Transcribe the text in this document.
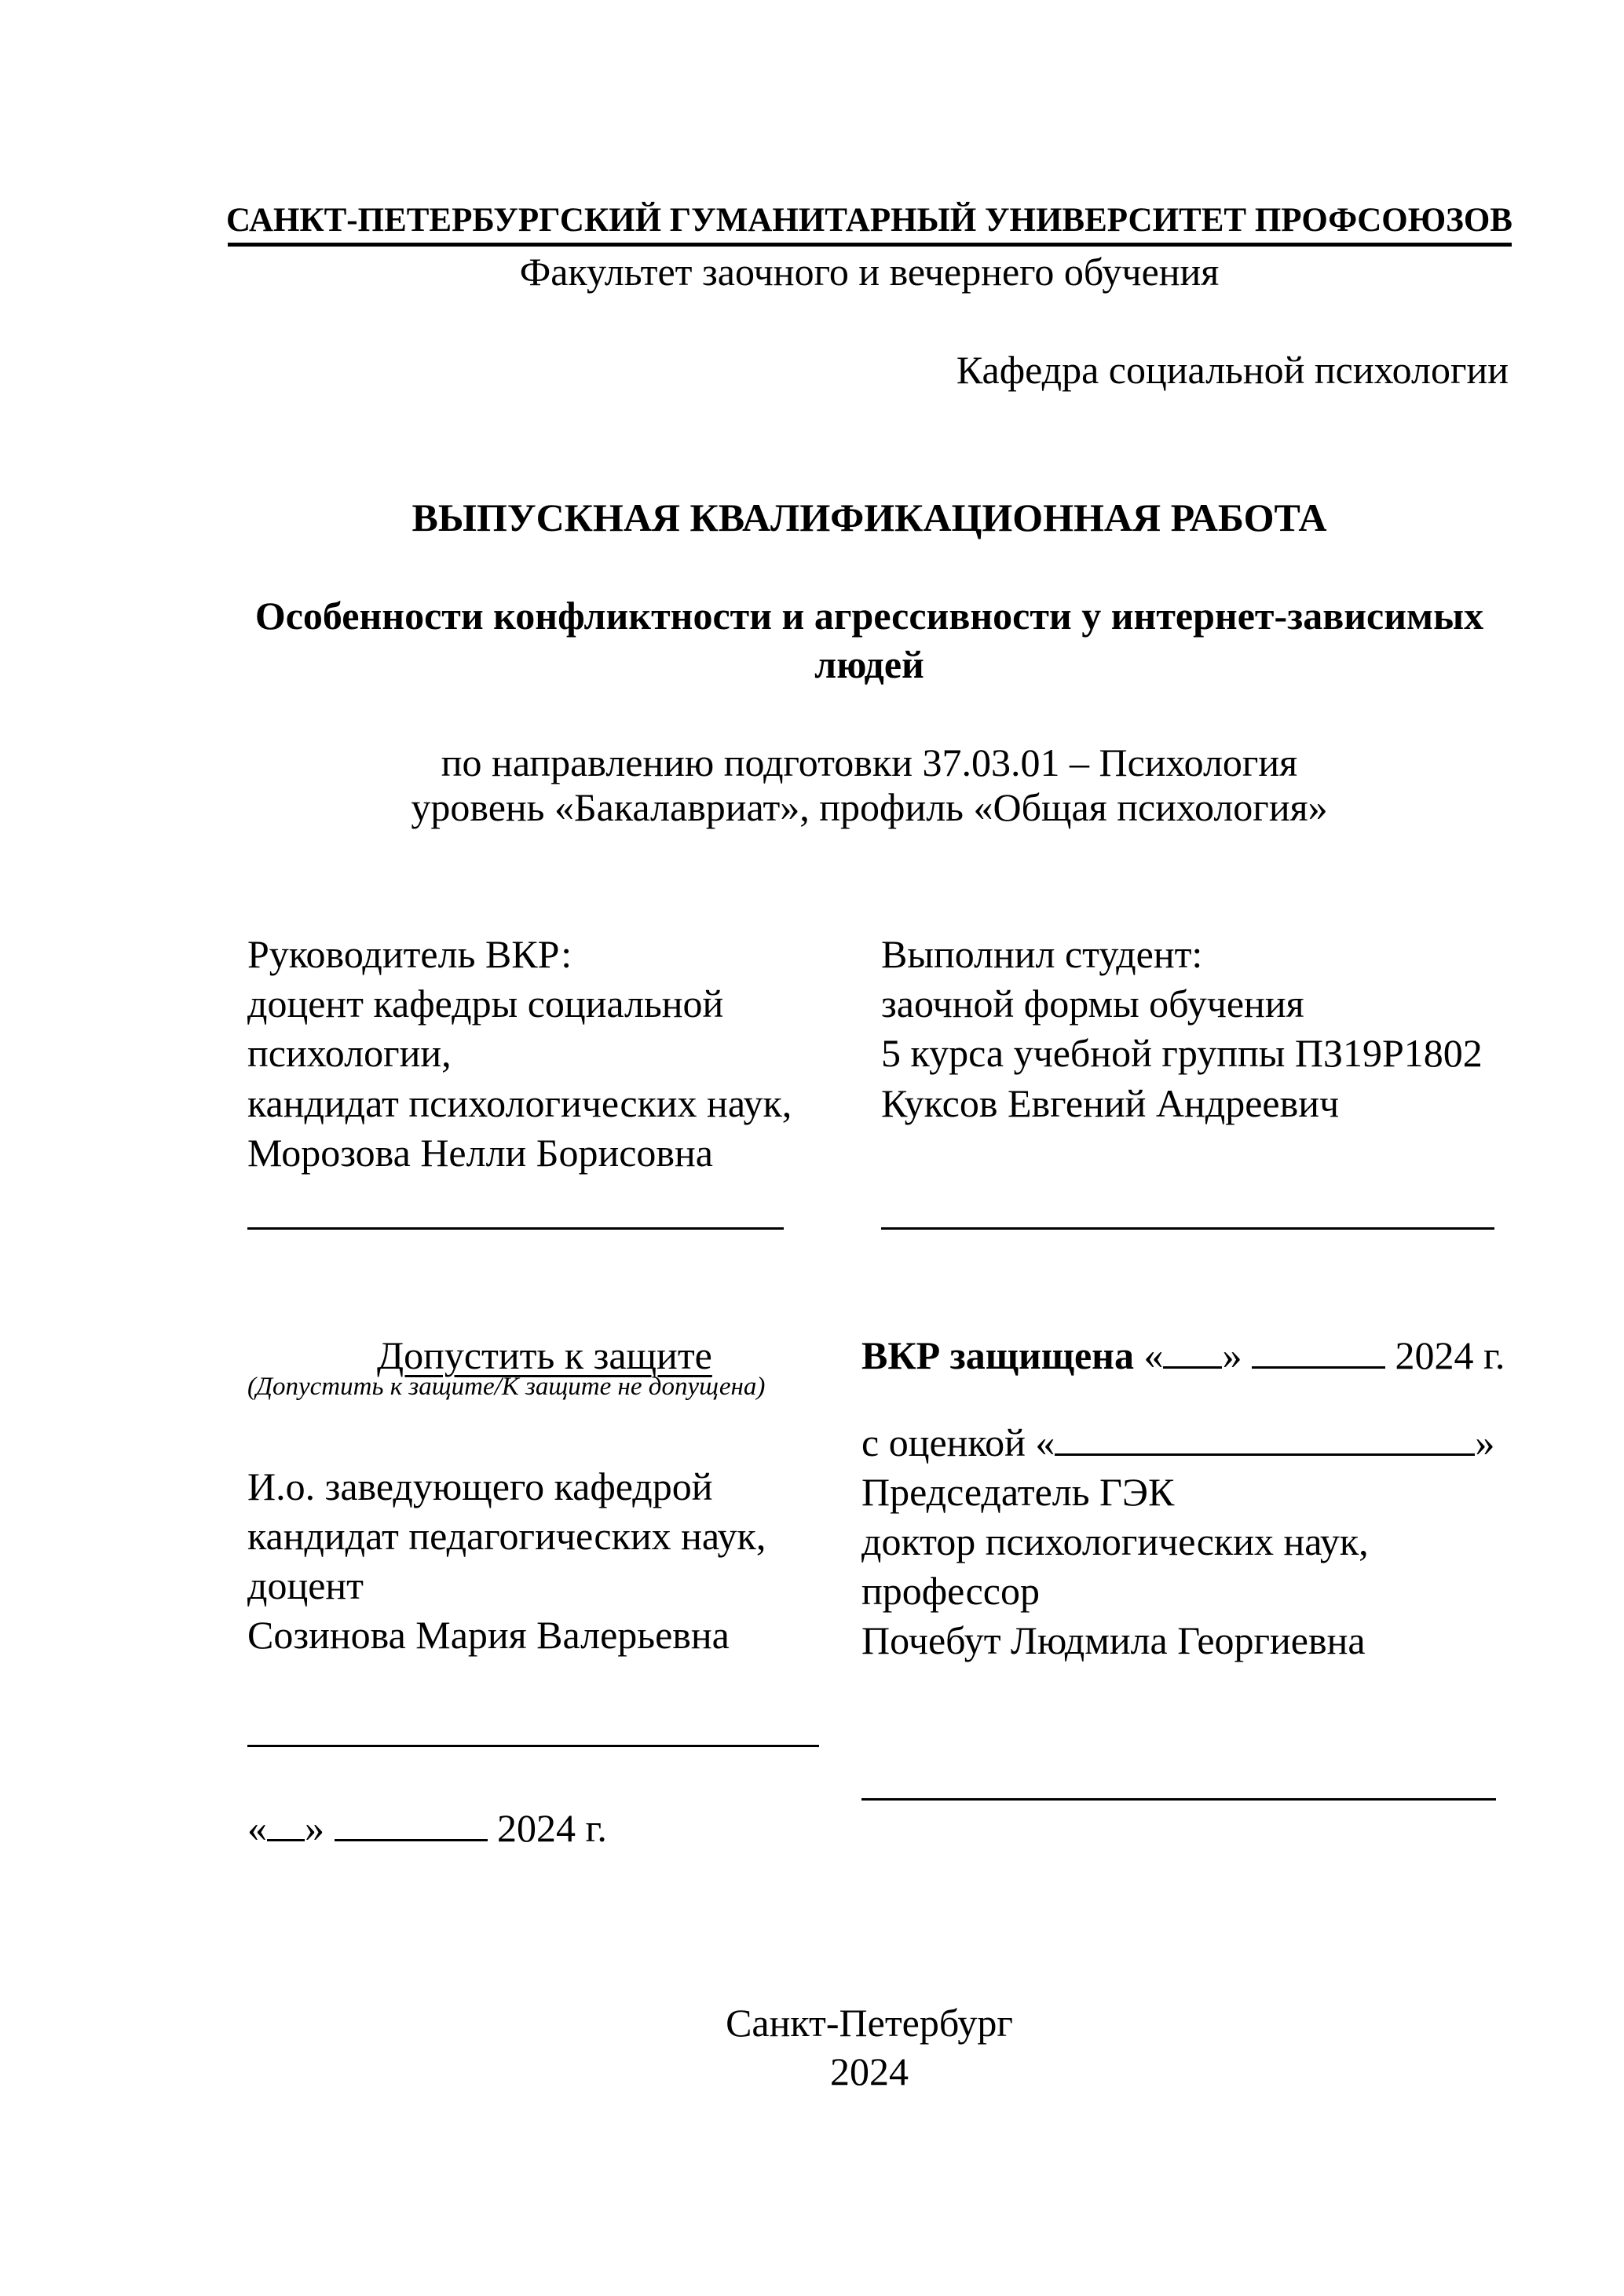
САНКТ-ПЕТЕРБУРГСКИЙ ГУМАНИТАРНЫЙ УНИВЕРСИТЕТ ПРОФСОЮЗОВ
Факультет заочного и вечернего обучения
Кафедра социальной психологии
ВЫПУСКНАЯ КВАЛИФИКАЦИОННАЯ РАБОТА
Особенности конфликтности и агрессивности у интернет-зависимых
людей
по направлению подготовки 37.03.01 – Психология
уровень «Бакалавриат», профиль «Общая психология»
Руководитель ВКР:
доцент кафедры социальной
психологии,
кандидат психологических наук,
Морозова Нелли Борисовна
Выполнил студент:
заочной формы обучения
5 курса учебной группы ПЗ19Р1802
Куксов Евгений Андреевич
Допустить к защите
(Допустить к защите/К защите не допущена)
И.о. заведующего кафедрой
кандидат педагогических наук,
доцент
Созинова Мария Валерьевна
« »	2024 г.
ВКР защищена « »	2024 г.
с оценкой «	»
Председатель ГЭК
доктор психологических наук,
профессор
Почебут Людмила Георгиевна
Санкт-Петербург
2024
